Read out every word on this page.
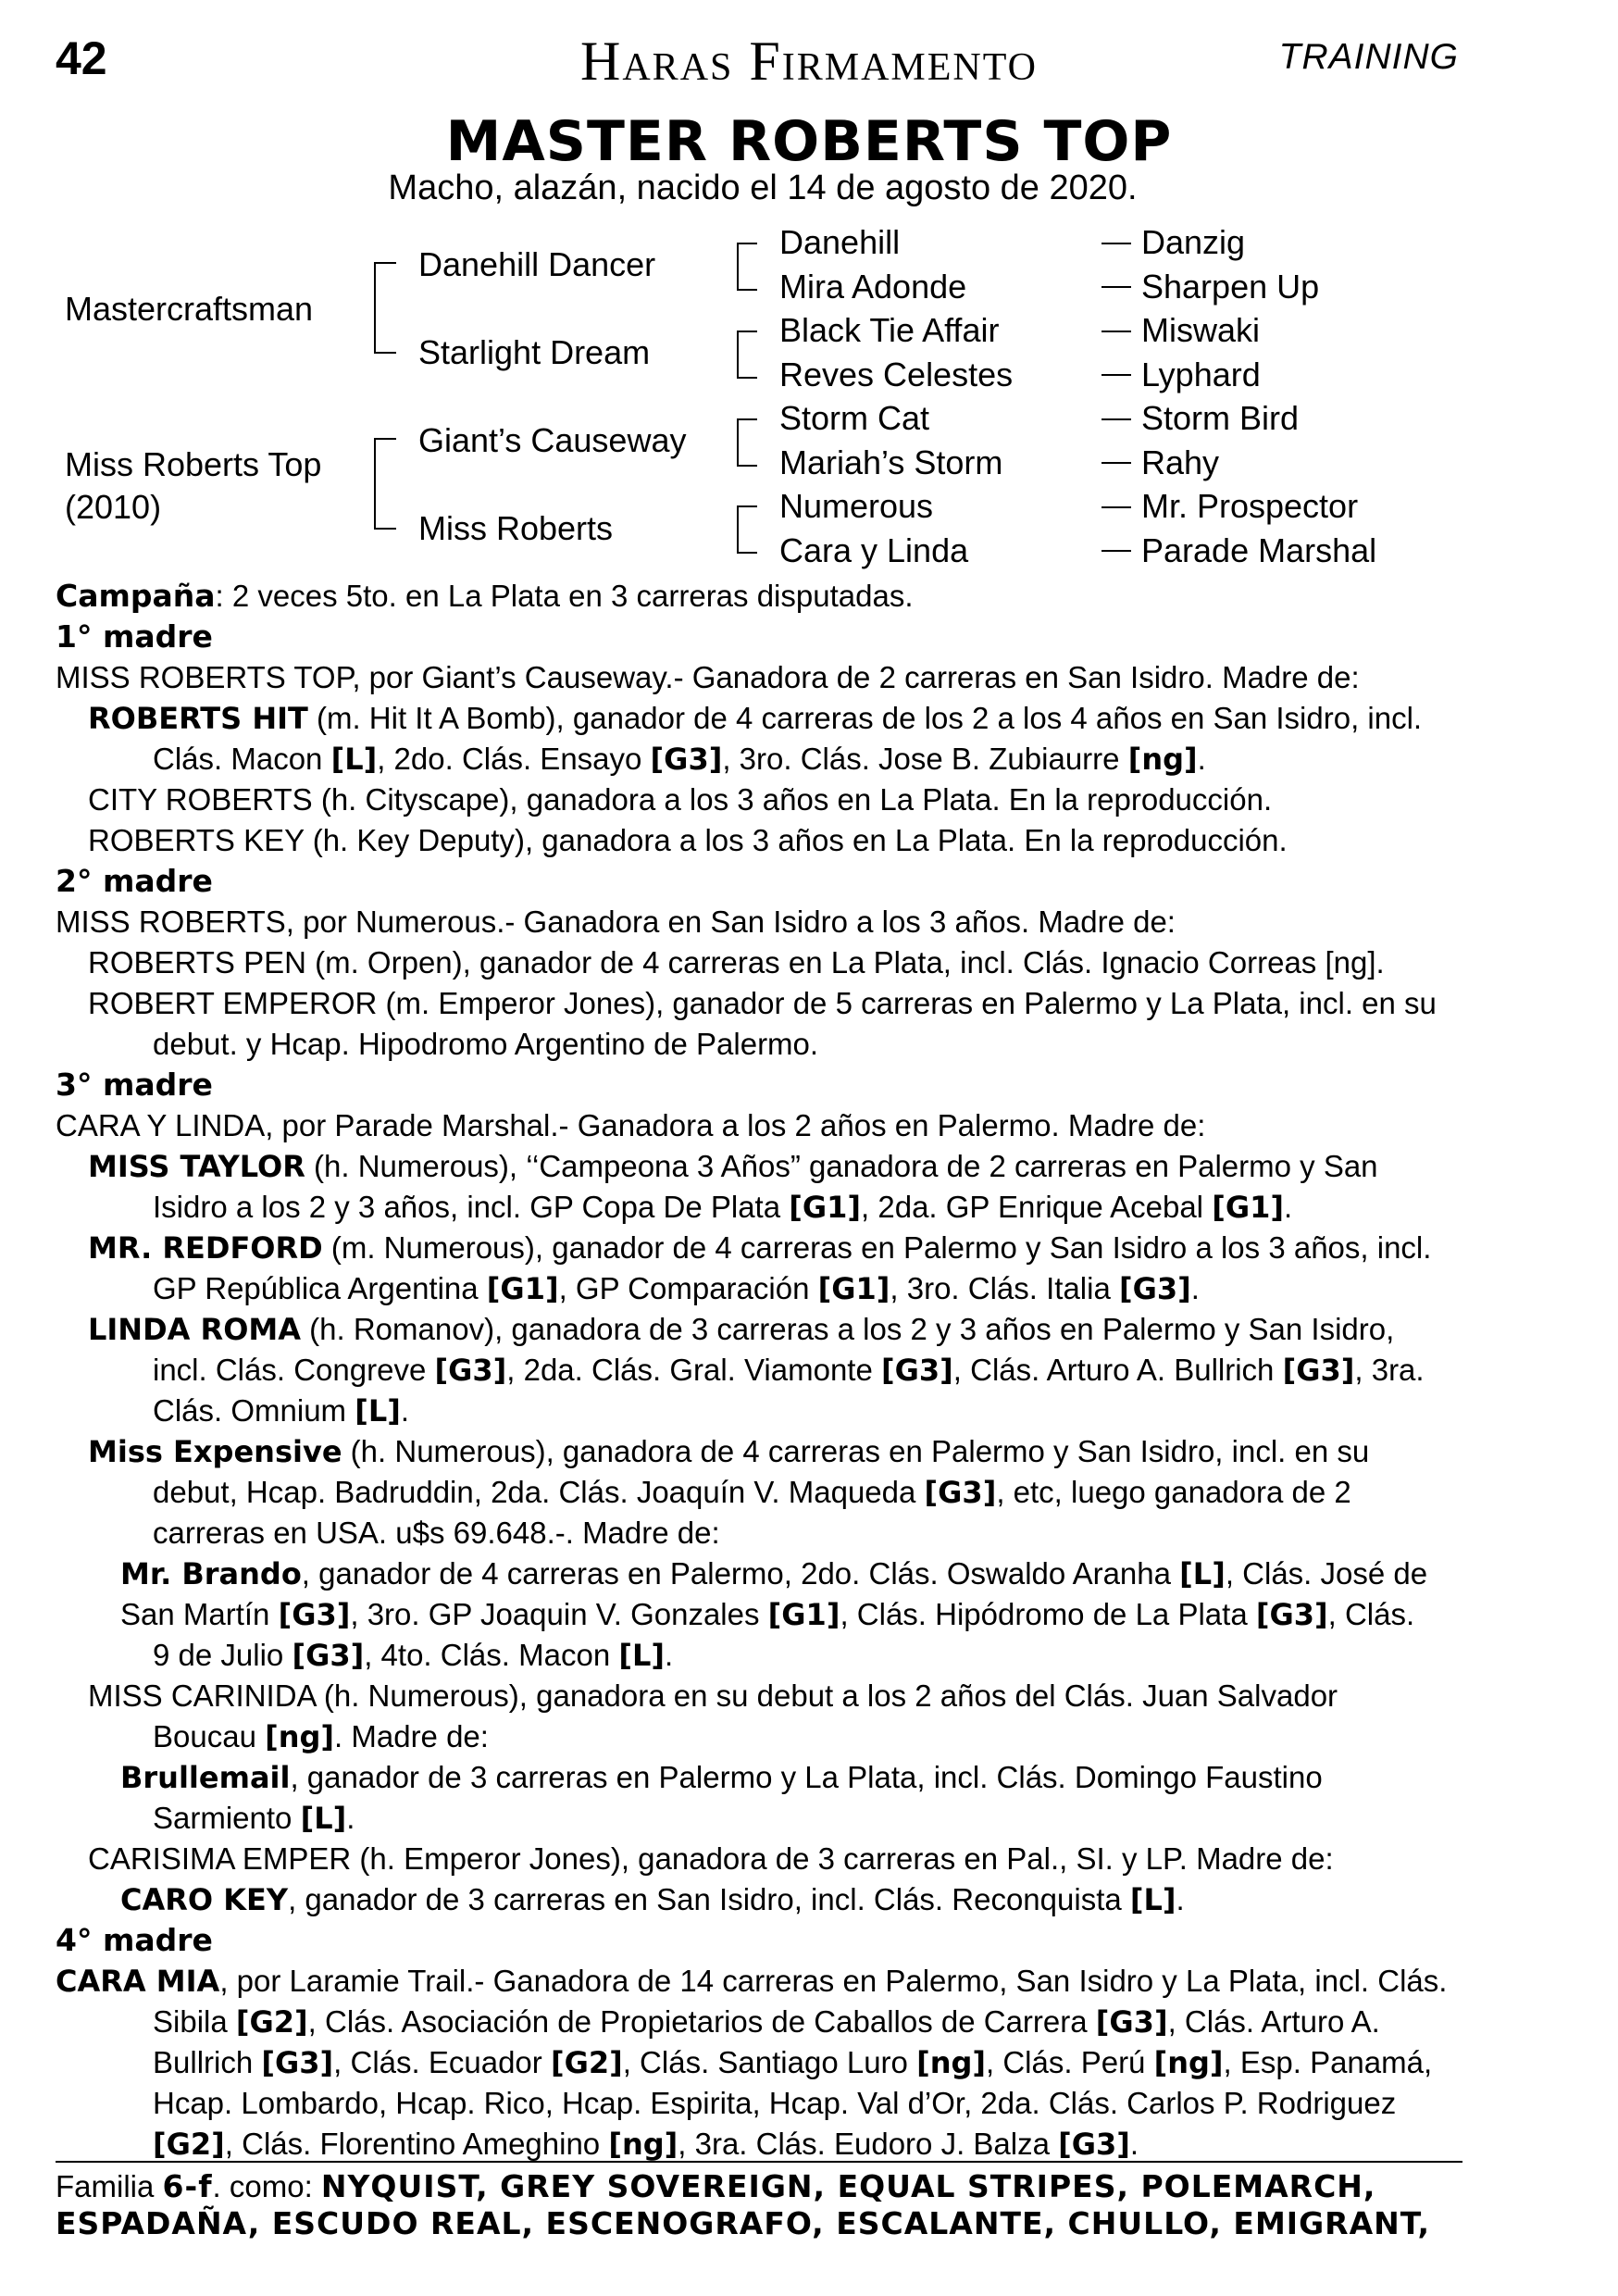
42	Haras Firmamento	TRAINING
MASTER ROBERTS TOP
Macho, alazán, nacido el 14 de agosto de 2020.
Mastercraftsman
Miss Roberts Top
(2010)
Danehill Dancer
Starlight Dream
Giant’s Causeway
Miss Roberts
Danehill
Mira Adonde
Black Tie Affair
Reves Celestes
Storm Cat
Mariah’s Storm
Numerous
Cara y Linda
Danzig
Sharpen Up
Miswaki
Lyphard
Storm Bird
Rahy
Mr. Prospector
Parade Marshal
Campaña: 2 veces 5to. en La Plata en 3 carreras disputadas.
1° madre
MISS ROBERTS TOP, por Giant’s Causeway.- Ganadora de 2 carreras en San Isidro. Madre de:
ROBERTS HIT (m. Hit It A Bomb), ganador de 4 carreras de los 2 a los 4 años en San Isidro, incl.
Clás. Macon [L], 2do. Clás. Ensayo [G3], 3ro. Clás. Jose B. Zubiaurre [ng].
CITY ROBERTS (h. Cityscape), ganadora a los 3 años en La Plata. En la reproducción.
ROBERTS KEY (h. Key Deputy), ganadora a los 3 años en La Plata. En la reproducción.
2° madre
MISS ROBERTS, por Numerous.- Ganadora en San Isidro a los 3 años. Madre de:
ROBERTS PEN (m. Orpen), ganador de 4 carreras en La Plata, incl. Clás. Ignacio Correas [ng].
ROBERT EMPEROR (m. Emperor Jones), ganador de 5 carreras en Palermo y La Plata, incl. en su
debut. y Hcap. Hipodromo Argentino de Palermo.
3° madre
CARA Y LINDA, por Parade Marshal.- Ganadora a los 2 años en Palermo. Madre de:
MISS TAYLOR (h. Numerous), ‘‘Campeona 3 Años” ganadora de 2 carreras en Palermo y San
Isidro a los 2 y 3 años, incl. GP Copa De Plata [G1], 2da. GP Enrique Acebal [G1].
MR. REDFORD (m. Numerous), ganador de 4 carreras en Palermo y San Isidro a los 3 años, incl.
GP República Argentina [G1], GP Comparación [G1], 3ro. Clás. Italia [G3].
LINDA ROMA (h. Romanov), ganadora de 3 carreras a los 2 y 3 años en Palermo y San Isidro,
incl. Clás. Congreve [G3], 2da. Clás. Gral. Viamonte [G3], Clás. Arturo A. Bullrich [G3], 3ra.
Clás. Omnium [L].
Miss Expensive (h. Numerous), ganadora de 4 carreras en Palermo y San Isidro, incl. en su
debut, Hcap. Badruddin, 2da. Clás. Joaquín V. Maqueda [G3], etc, luego ganadora de 2
carreras en USA. u$s 69.648.-. Madre de:
Mr. Brando, ganador de 4 carreras en Palermo, 2do. Clás. Oswaldo Aranha [L], Clás. José de
San Martín [G3], 3ro. GP Joaquin V. Gonzales [G1], Clás. Hipódromo de La Plata [G3], Clás.
9 de Julio [G3], 4to. Clás. Macon [L].
MISS CARINIDA (h. Numerous), ganadora en su debut a los 2 años del Clás. Juan Salvador
Boucau [ng]. Madre de:
Brullemail, ganador de 3 carreras en Palermo y La Plata, incl. Clás. Domingo Faustino
Sarmiento [L].
CARISIMA EMPER (h. Emperor Jones), ganadora de 3 carreras en Pal., SI. y LP. Madre de:
CARO KEY, ganador de 3 carreras en San Isidro, incl. Clás. Reconquista [L].
4° madre
CARA MIA, por Laramie Trail.- Ganadora de 14 carreras en Palermo, San Isidro y La Plata, incl. Clás.
Sibila [G2], Clás. Asociación de Propietarios de Caballos de Carrera [G3], Clás. Arturo A.
Bullrich [G3], Clás. Ecuador [G2], Clás. Santiago Luro [ng], Clás. Perú [ng], Esp. Panamá,
Hcap. Lombardo, Hcap. Rico, Hcap. Espirita, Hcap. Val d’Or, 2da. Clás. Carlos P. Rodriguez
[G2], Clás. Florentino Ameghino [ng], 3ra. Clás. Eudoro J. Balza [G3].
Familia 6-f. como: NYQUIST, GREY SOVEREIGN, EQUAL STRIPES, POLEMARCH,
ESPADAÑA, ESCUDO REAL, ESCENOGRAFO, ESCALANTE, CHULLO, EMIGRANT,
